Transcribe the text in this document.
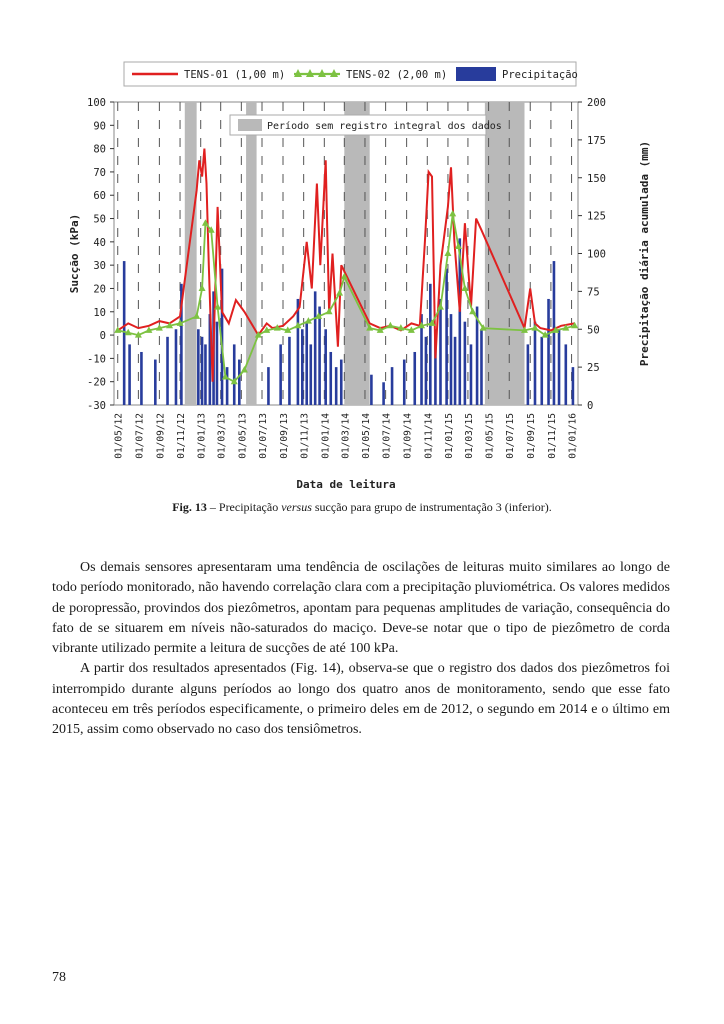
-30
-20
-10
0
10
20
30
40
50
60
70
80
90
100
0
25
50
75
100
125
150
175
200
01/05/12 01/07/12 01/09/12 01/11/12 01/01/13 01/03/13 01/05/13 01/07/13 01/09/13 01/11/13 01/01/14 01/03/14 01/05/14 01/07/14 01/09/14 01/11/14 01/01/15 01/03/15 01/05/15 01/07/15 01/09/15 01/11/15 01/01/16
Sucção (kPa)	Precipitação diária acumulada (mm)
Data de leitura
TENS-01 (1,00 m)	TENS-02 (2,00 m)	Precipitação
Período sem registro integral dos dados
Fig. 13 – Precipitação versus sucção para grupo de instrumentação 3 (inferior).

Os demais sensores apresentaram uma tendência de oscilações de leituras muito similares ao longo de todo período monitorado, não havendo correlação clara com a precipitação pluviométrica. Os valores medidos de poropressão, provindos dos piezômetros, apontam para pequenas amplitudes de variação, consequência do fato de se situarem em níveis não-saturados do maciço. Deve-se notar que o tipo de piezômetro de corda vibrante utilizado permite a leitura de sucções de até 100 kPa.

A partir dos resultados apresentados (Fig. 14), observa-se que o registro dos dados dos piezômetros foi interrompido durante alguns períodos ao longo dos quatro anos de monitoramento, sendo que esse fato aconteceu em três períodos especificamente, o primeiro deles em de 2012, o segundo em 2014 e o último em 2015, assim como observado no caso dos tensiômetros.

78
